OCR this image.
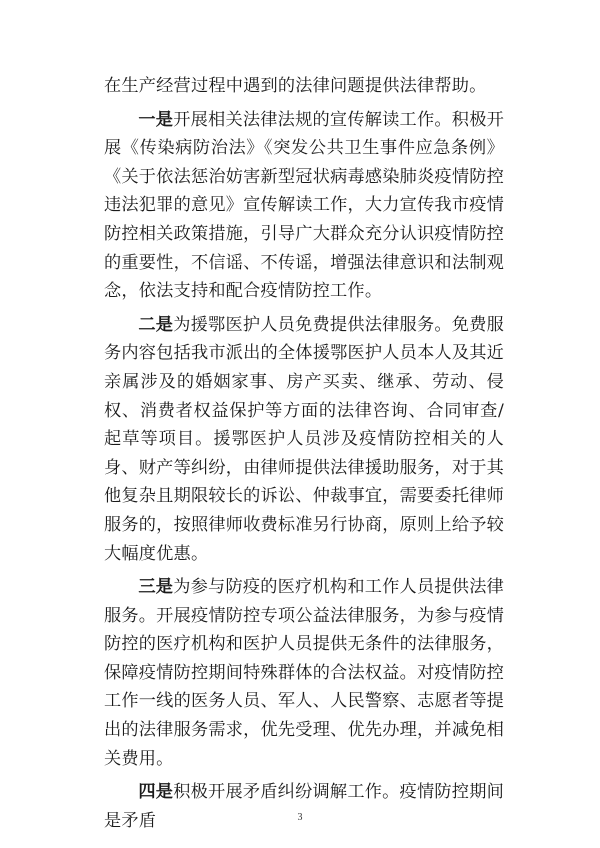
在生产经营过程中遇到的法律问题提供法律帮助。

一是开展相关法律法规的宣传解读工作。积极开展《传染病防治法》《突发公共卫生事件应急条例》《关于依法惩治妨害新型冠状病毒感染肺炎疫情防控违法犯罪的意见》宣传解读工作，大力宣传我市疫情防控相关政策措施，引导广大群众充分认识疫情防控的重要性，不信谣、不传谣，增强法律意识和法制观念，依法支持和配合疫情防控工作。

二是为援鄂医护人员免费提供法律服务。免费服务内容包括我市派出的全体援鄂医护人员本人及其近亲属涉及的婚姻家事、房产买卖、继承、劳动、侵权、消费者权益保护等方面的法律咨询、合同审查/起草等项目。援鄂医护人员涉及疫情防控相关的人身、财产等纠纷，由律师提供法律援助服务，对于其他复杂且期限较长的诉讼、仲裁事宜，需要委托律师服务的，按照律师收费标准另行协商，原则上给予较大幅度优惠。

三是为参与防疫的医疗机构和工作人员提供法律服务。开展疫情防控专项公益法律服务，为参与疫情防控的医疗机构和医护人员提供无条件的法律服务，保障疫情防控期间特殊群体的合法权益。对疫情防控工作一线的医务人员、军人、人民警察、志愿者等提出的法律服务需求，优先受理、优先办理，并减免相关费用。

四是积极开展矛盾纠纷调解工作。疫情防控期间是矛盾	3
